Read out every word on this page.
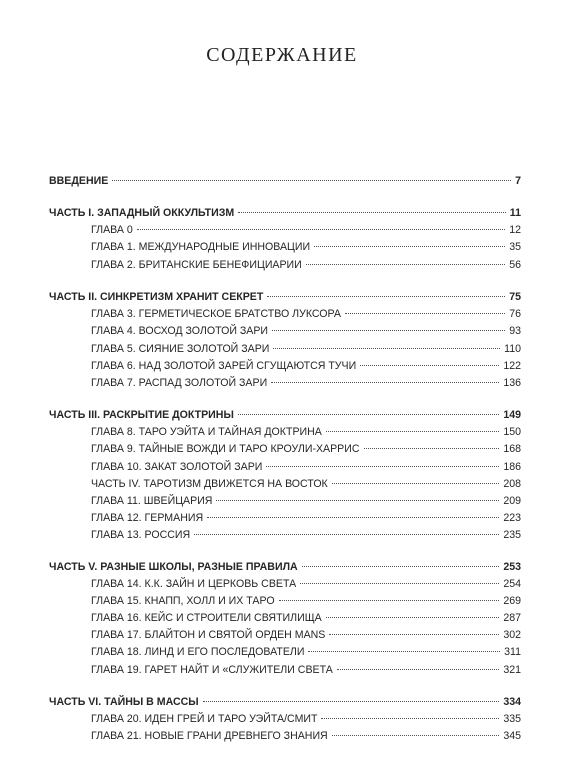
СОДЕРЖАНИЕ
ВВЕДЕНИЕ	7
ЧАСТЬ I. ЗАПАДНЫЙ ОККУЛЬТИЗМ	11
ГЛАВА 0	12
ГЛАВА 1. МЕЖДУНАРОДНЫЕ ИННОВАЦИИ	35
ГЛАВА 2. БРИТАНСКИЕ БЕНЕФИЦИАРИИ	56
ЧАСТЬ II. СИНКРЕТИЗМ ХРАНИТ СЕКРЕТ	75
ГЛАВА 3. ГЕРМЕТИЧЕСКОЕ БРАТСТВО ЛУКСОРА	76
ГЛАВА 4. ВОСХОД ЗОЛОТОЙ ЗАРИ	93
ГЛАВА 5. СИЯНИЕ ЗОЛОТОЙ ЗАРИ	110
ГЛАВА 6. НАД ЗОЛОТОЙ ЗАРЕЙ СГУЩАЮТСЯ ТУЧИ	122
ГЛАВА 7. РАСПАД ЗОЛОТОЙ ЗАРИ	136
ЧАСТЬ III. РАСКРЫТИЕ ДОКТРИНЫ	149
ГЛАВА 8. ТАРО УЭЙТА И ТАЙНАЯ ДОКТРИНА	150
ГЛАВА 9. ТАЙНЫЕ ВОЖДИ И ТАРО КРОУЛИ-ХАРРИС	168
ГЛАВА 10. ЗАКАТ ЗОЛОТОЙ ЗАРИ	186
ЧАСТЬ IV. ТАРОТИЗМ ДВИЖЕТСЯ НА ВОСТОК	208
ГЛАВА 11. ШВЕЙЦАРИЯ	209
ГЛАВА 12. ГЕРМАНИЯ	223
ГЛАВА 13. РОССИЯ	235
ЧАСТЬ V. РАЗНЫЕ ШКОЛЫ, РАЗНЫЕ ПРАВИЛА	253
ГЛАВА 14. К.К. ЗАЙН И ЦЕРКОВЬ СВЕТА	254
ГЛАВА 15. КНАПП, ХОЛЛ И ИХ ТАРО	269
ГЛАВА 16. КЕЙС И СТРОИТЕЛИ СВЯТИЛИЩА	287
ГЛАВА 17. БЛАЙТОН И СВЯТОЙ ОРДЕН MANS	302
ГЛАВА 18. ЛИНД И ЕГО ПОСЛЕДОВАТЕЛИ	311
ГЛАВА 19. ГАРЕТ НАЙТ И «СЛУЖИТЕЛИ СВЕТА	321
ЧАСТЬ VI. ТАЙНЫ В МАССЫ	334
ГЛАВА 20. ИДЕН ГРЕЙ И ТАРО УЭЙТА/СМИТ	335
ГЛАВА 21. НОВЫЕ ГРАНИ ДРЕВНЕГО ЗНАНИЯ	345
